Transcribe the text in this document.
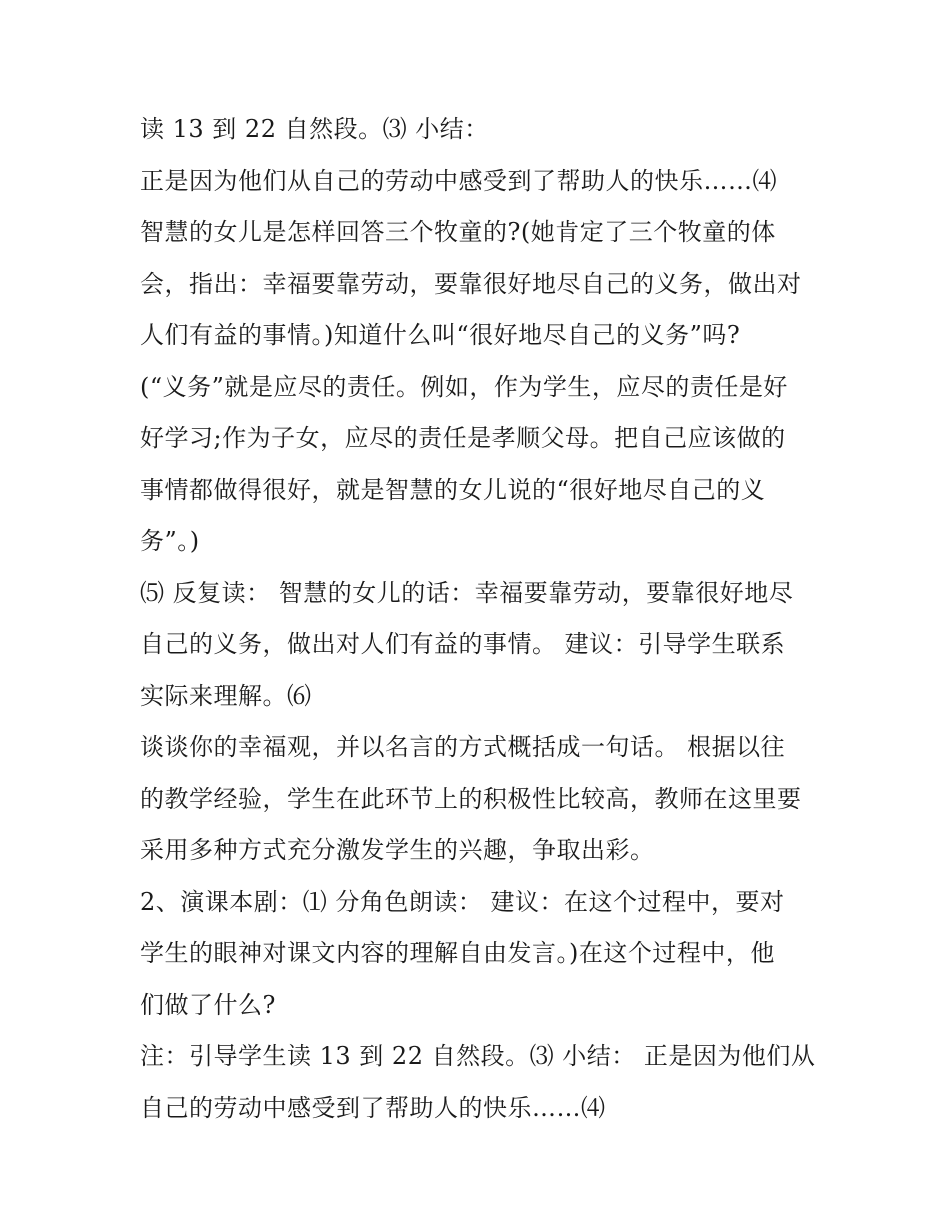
读 13 到 22 自然段。⑶ 小结：
正是因为他们从自己的劳动中感受到了帮助人的快乐……⑷
智慧的女儿是怎样回答三个牧童的?(她肯定了三个牧童的体
会，指出：幸福要靠劳动，要靠很好地尽自己的义务，做出对
人们有益的事情。)知道什么叫“很好地尽自己的义务”吗?
(“义务”就是应尽的责任。例如，作为学生，应尽的责任是好
好学习;作为子女，应尽的责任是孝顺父母。把自己应该做的
事情都做得很好，就是智慧的女儿说的“很好地尽自己的义
务”。)
⑸ 反复读： 智慧的女儿的话：幸福要靠劳动，要靠很好地尽
自己的义务，做出对人们有益的事情。 建议：引导学生联系
实际来理解。⑹
谈谈你的幸福观，并以名言的方式概括成一句话。 根据以往
的教学经验，学生在此环节上的积极性比较高，教师在这里要
采用多种方式充分激发学生的兴趣，争取出彩。
2、演课本剧：⑴ 分角色朗读： 建议：在这个过程中，要对
学生的眼神对课文内容的理解自由发言。)在这个过程中，他
们做了什么?
注：引导学生读 13 到 22 自然段。⑶ 小结： 正是因为他们从
自己的劳动中感受到了帮助人的快乐……⑷
